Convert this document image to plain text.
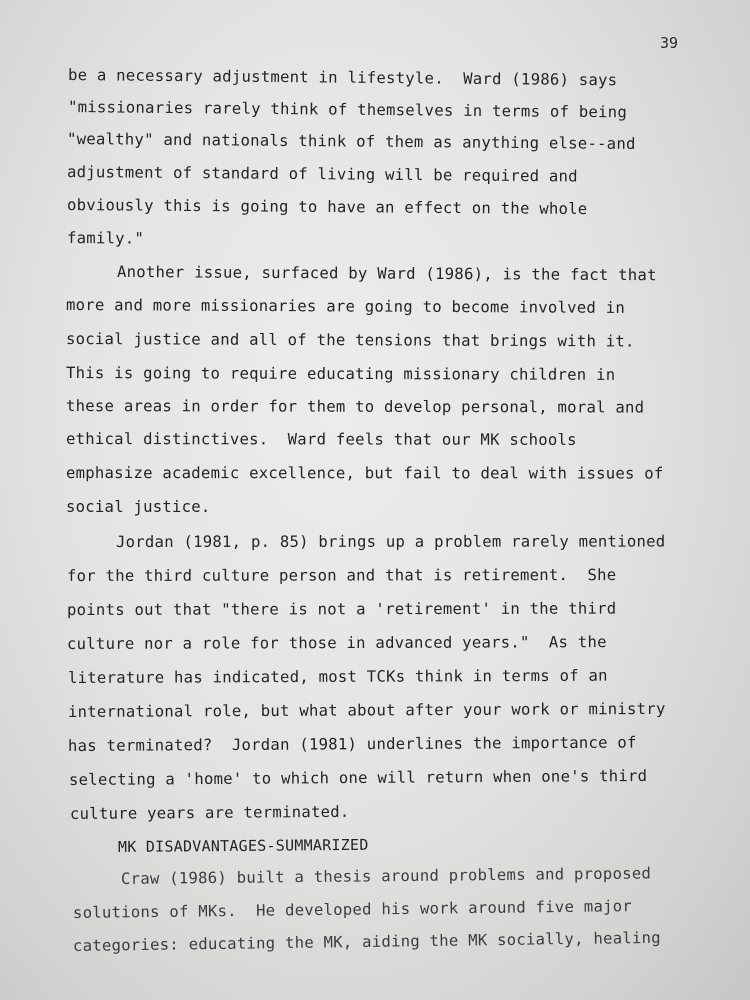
39
be a necessary adjustment in lifestyle.  Ward (1986) says
"missionaries rarely think of themselves in terms of being
"wealthy" and nationals think of them as anything else--and
adjustment of standard of living will be required and
obviously this is going to have an effect on the whole
family."
Another issue, surfaced by Ward (1986), is the fact that
more and more missionaries are going to become involved in
social justice and all of the tensions that brings with it.
This is going to require educating missionary children in
these areas in order for them to develop personal, moral and
ethical distinctives.  Ward feels that our MK schools
emphasize academic excellence, but fail to deal with issues of
social justice.
Jordan (1981, p. 85) brings up a problem rarely mentioned
for the third culture person and that is retirement.  She
points out that "there is not a 'retirement' in the third
culture nor a role for those in advanced years."  As the
literature has indicated, most TCKs think in terms of an
international role, but what about after your work or ministry
has terminated?  Jordan (1981) underlines the importance of
selecting a 'home' to which one will return when one's third
culture years are terminated.
MK DISADVANTAGES-SUMMARIZED
Craw (1986) built a thesis around problems and proposed
solutions of MKs.  He developed his work around five major
categories: educating the MK, aiding the MK socially, healing
